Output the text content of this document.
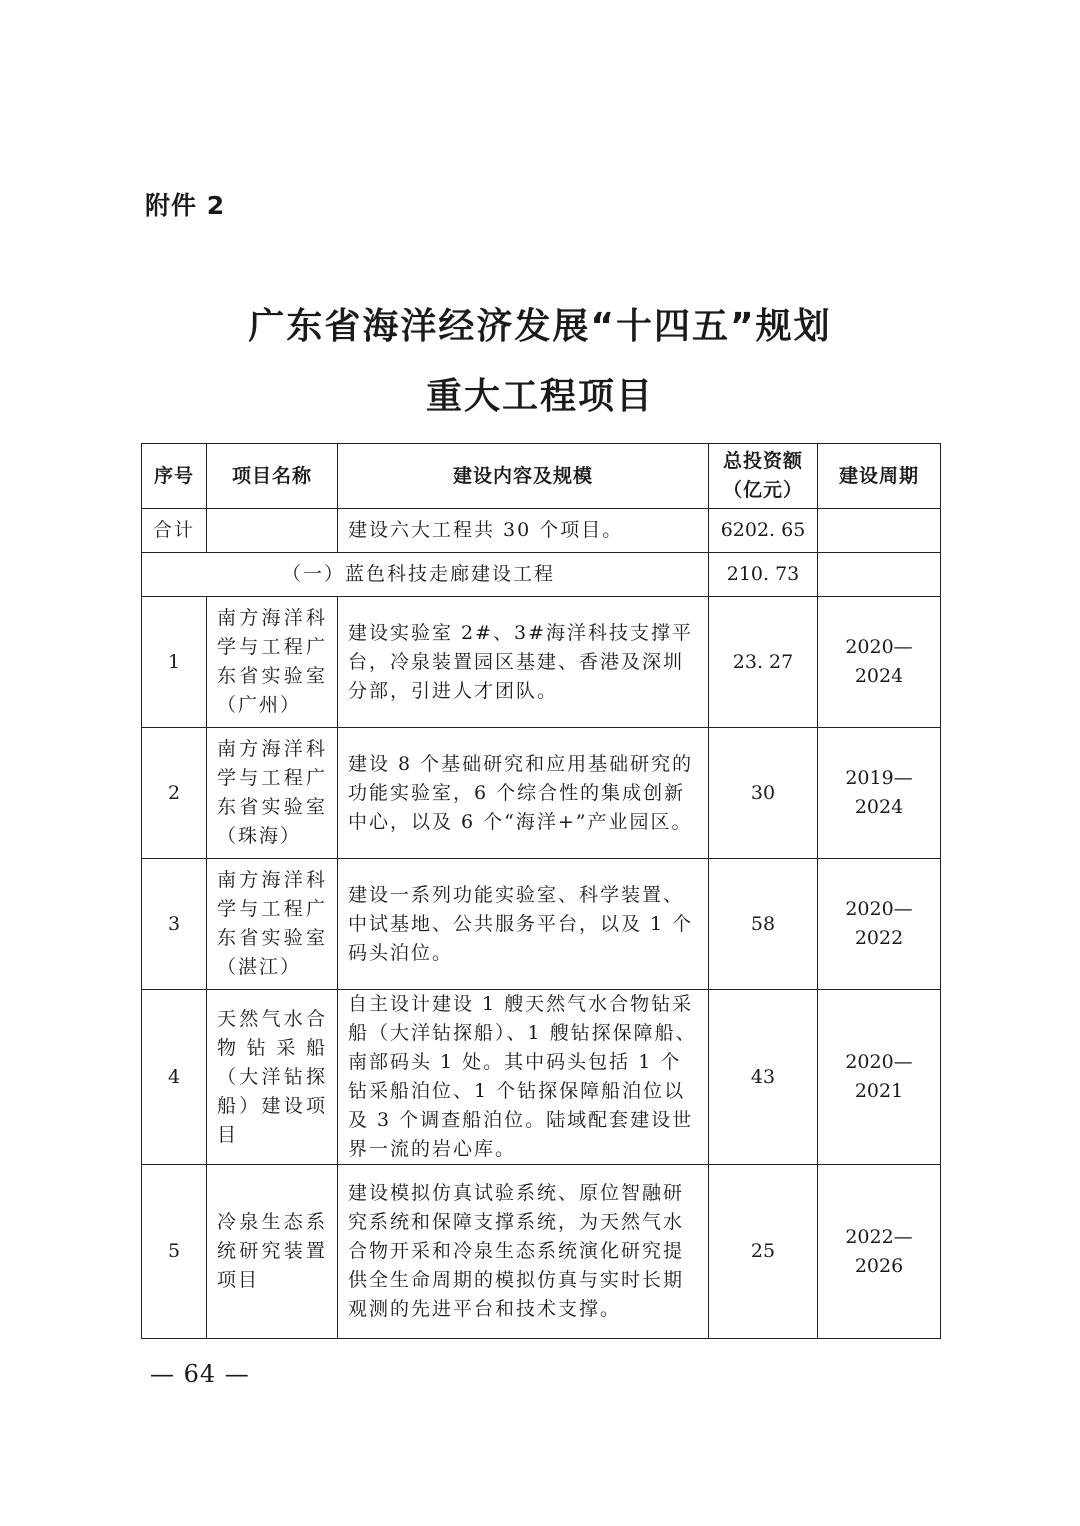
附件 2
广东省海洋经济发展“十四五”规划
重大工程项目
序号	项目名称	建设内容及规模	总投资额（亿元）	建设周期
合计		建设六大工程共 30 个项目。	6202. 65	
（一）蓝色科技走廊建设工程			210. 73	
1	南方海洋科学与工程广东省实验室（广州）	建设实验室 2#、3#海洋科技支撑平台，冷泉装置园区基建、香港及深圳分部，引进人才团队。	23. 27	2020—2024
2	南方海洋科学与工程广东省实验室（珠海）	建设 8 个基础研究和应用基础研究的功能实验室，6 个综合性的集成创新中心，以及 6 个“海洋+”产业园区。	30	2019—2024
3	南方海洋科学与工程广东省实验室（湛江）	建设一系列功能实验室、科学装置、中试基地、公共服务平台，以及 1 个码头泊位。	58	2020—2022
4	天然气水合物钻采船（大洋钻探船）建设项目	自主设计建设 1 艘天然气水合物钻采船（大洋钻探船）、1 艘钻探保障船、南部码头 1 处。其中码头包括 1 个钻采船泊位、1 个钻探保障船泊位以及 3 个调查船泊位。陆域配套建设世界一流的岩心库。	43	2020—2021
5	冷泉生态系统研究装置项目	建设模拟仿真试验系统、原位智融研究系统和保障支撑系统，为天然气水合物开采和冷泉生态系统演化研究提供全生命周期的模拟仿真与实时长期观测的先进平台和技术支撑。	25	2022—2026
— 64 —
